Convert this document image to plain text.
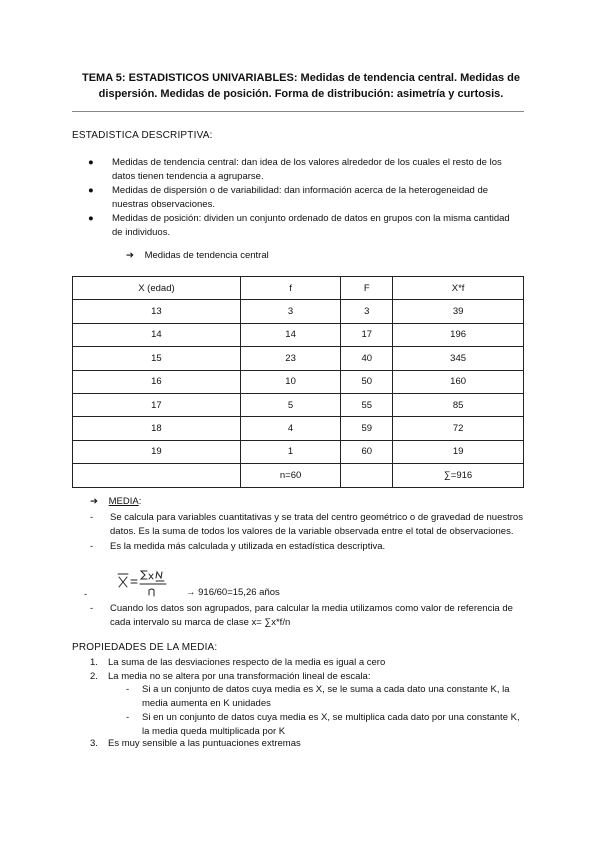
TEMA 5: ESTADISTICOS UNIVARIABLES: Medidas de tendencia central. Medidas de dispersión. Medidas de posición. Forma de distribución: asimetría y curtosis.
ESTADISTICA DESCRIPTIVA:
● Medidas de tendencia central: dan idea de los valores alrededor de los cuales el resto de los datos tienen tendencia a agruparse.
● Medidas de dispersión o de variabilidad: dan información acerca de la heterogeneidad de nuestras observaciones.
● Medidas de posición: dividen un conjunto ordenado de datos en grupos con la misma cantidad de individuos.
➔ Medidas de tendencia central
X (edad)	f	F	X*f
13	3	3	39
14	14	17	196
15	23	40	345
16	10	50	160
17	5	55	85
18	4	59	72
19	1	60	19
	n=60		∑=916
➔ MEDIA:
- Se calcula para variables cuantitativas y se trata del centro geométrico o de gravedad de nuestros datos. Es la suma de todos los valores de la variable observada entre el total de observaciones.
- Es la medida más calculada y utilizada en estadística descriptiva.
-	→ 916/60=15,26 años
- Cuando los datos son agrupados, para calcular la media utilizamos como valor de referencia de cada intervalo su marca de clase x= ∑x*f/n
PROPIEDADES DE LA MEDIA:
1. La suma de las desviaciones respecto de la media es igual a cero
2. La media no se altera por una transformación lineal de escala:
- Si a un conjunto de datos cuya media es X, se le suma a cada dato una constante K, la media aumenta en K unidades
- Si en un conjunto de datos cuya media es X, se multiplica cada dato por una constante K, la media queda multiplicada por K
3. Es muy sensible a las puntuaciones extremas
